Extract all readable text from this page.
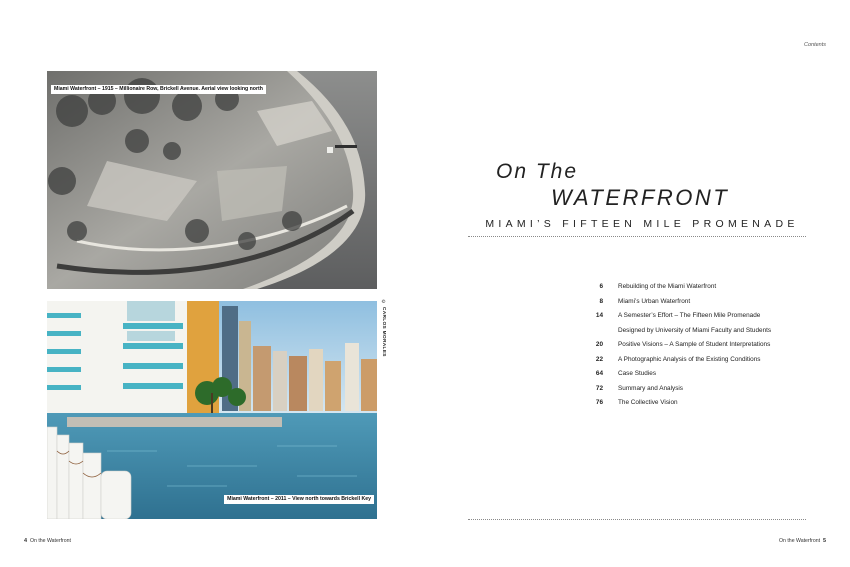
Miami Waterfront – 1915 – Millionaire Row, Brickell Avenue. Aerial view looking north
Miami Waterfront – 2011 – View north towards Brickell Key
© CARLOS MORALES
4 On the Waterfront
Contents
On The
WATERFRONT
MIAMI’S FIFTEEN MILE PROMENADE
6 Rebuilding of the Miami Waterfront
8 Miami’s Urban Waterfront
14 A Semester’s Effort – The Fifteen Mile Promenade
Designed by University of Miami Faculty and Students
20 Positive Visions – A Sample of Student Interpretations
22 A Photographic Analysis of the Existing Conditions
64 Case Studies
72 Summary and Analysis
76 The Collective Vision
On the Waterfront 5
